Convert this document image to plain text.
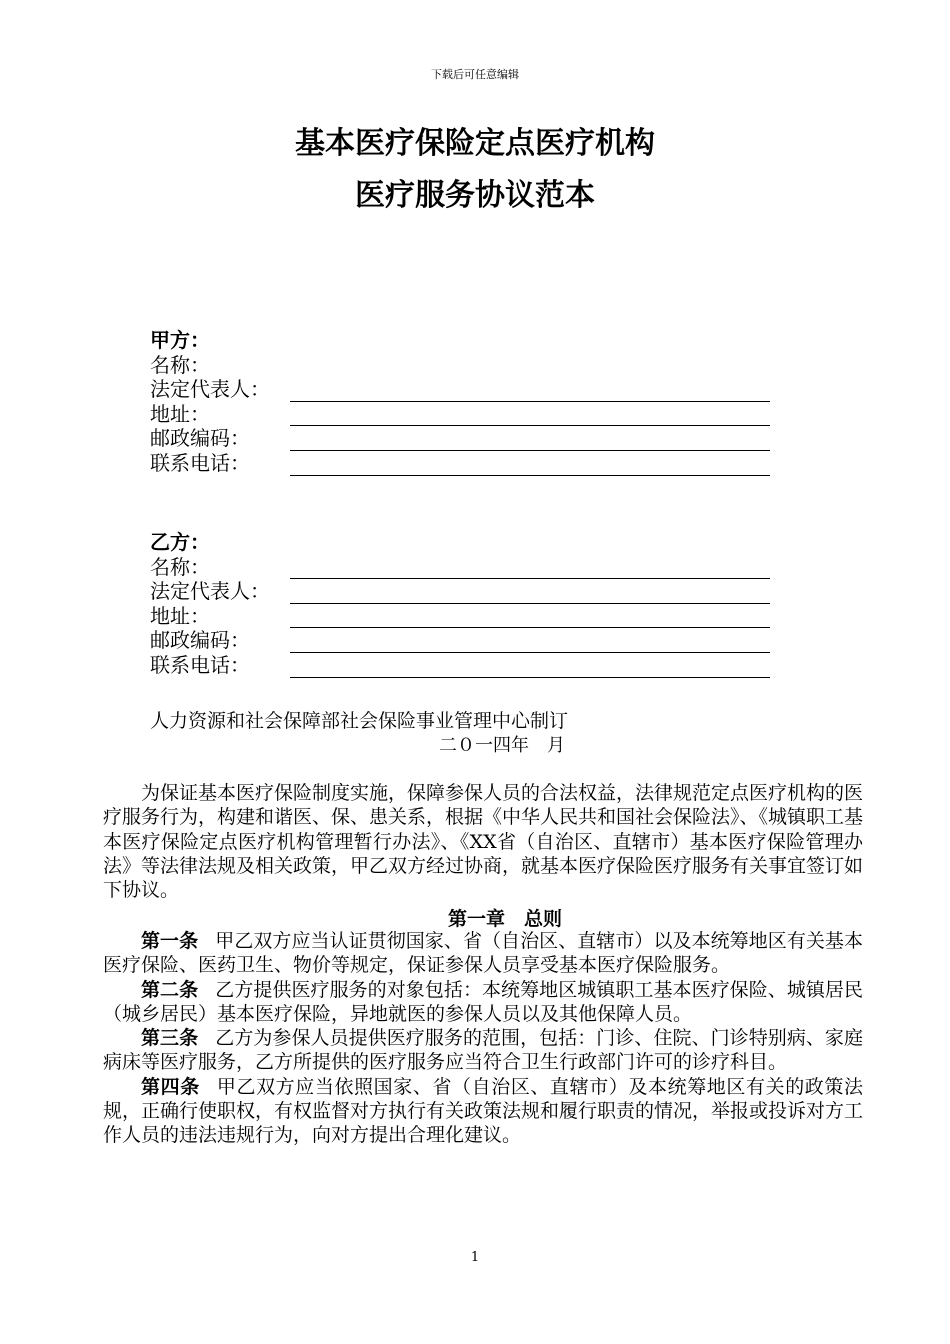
下载后可任意编辑
基本医疗保险定点医疗机构
医疗服务协议范本
甲方：
名称：
法定代表人：
地址：
邮政编码：
联系电话：
乙方：
名称：
法定代表人：
地址：
邮政编码：
联系电话：
人力资源和社会保障部社会保险事业管理中心制订
二０一四年　月

为保证基本医疗保险制度实施，保障参保人员的合法权益，法律规范定点医疗机构的医疗服务行为，构建和谐医、保、患关系，根据《中华人民共和国社会保险法》、《城镇职工基本医疗保险定点医疗机构管理暂行办法》、《XX省（自治区、直辖市）基本医疗保险管理办法》等法律法规及相关政策，甲乙双方经过协商，就基本医疗保险医疗服务有关事宜签订如下协议。

第一章　总则

第一条 甲乙双方应当认证贯彻国家、省（自治区、直辖市）以及本统筹地区有关基本医疗保险、医药卫生、物价等规定，保证参保人员享受基本医疗保险服务。

第二条 乙方提供医疗服务的对象包括：本统筹地区城镇职工基本医疗保险、城镇居民（城乡居民）基本医疗保险，异地就医的参保人员以及其他保障人员。

第三条 乙方为参保人员提供医疗服务的范围，包括：门诊、住院、门诊特别病、家庭病床等医疗服务，乙方所提供的医疗服务应当符合卫生行政部门许可的诊疗科目。

第四条 甲乙双方应当依照国家、省（自治区、直辖市）及本统筹地区有关的政策法规，正确行使职权，有权监督对方执行有关政策法规和履行职责的情况，举报或投诉对方工作人员的违法违规行为，向对方提出合理化建议。

1
